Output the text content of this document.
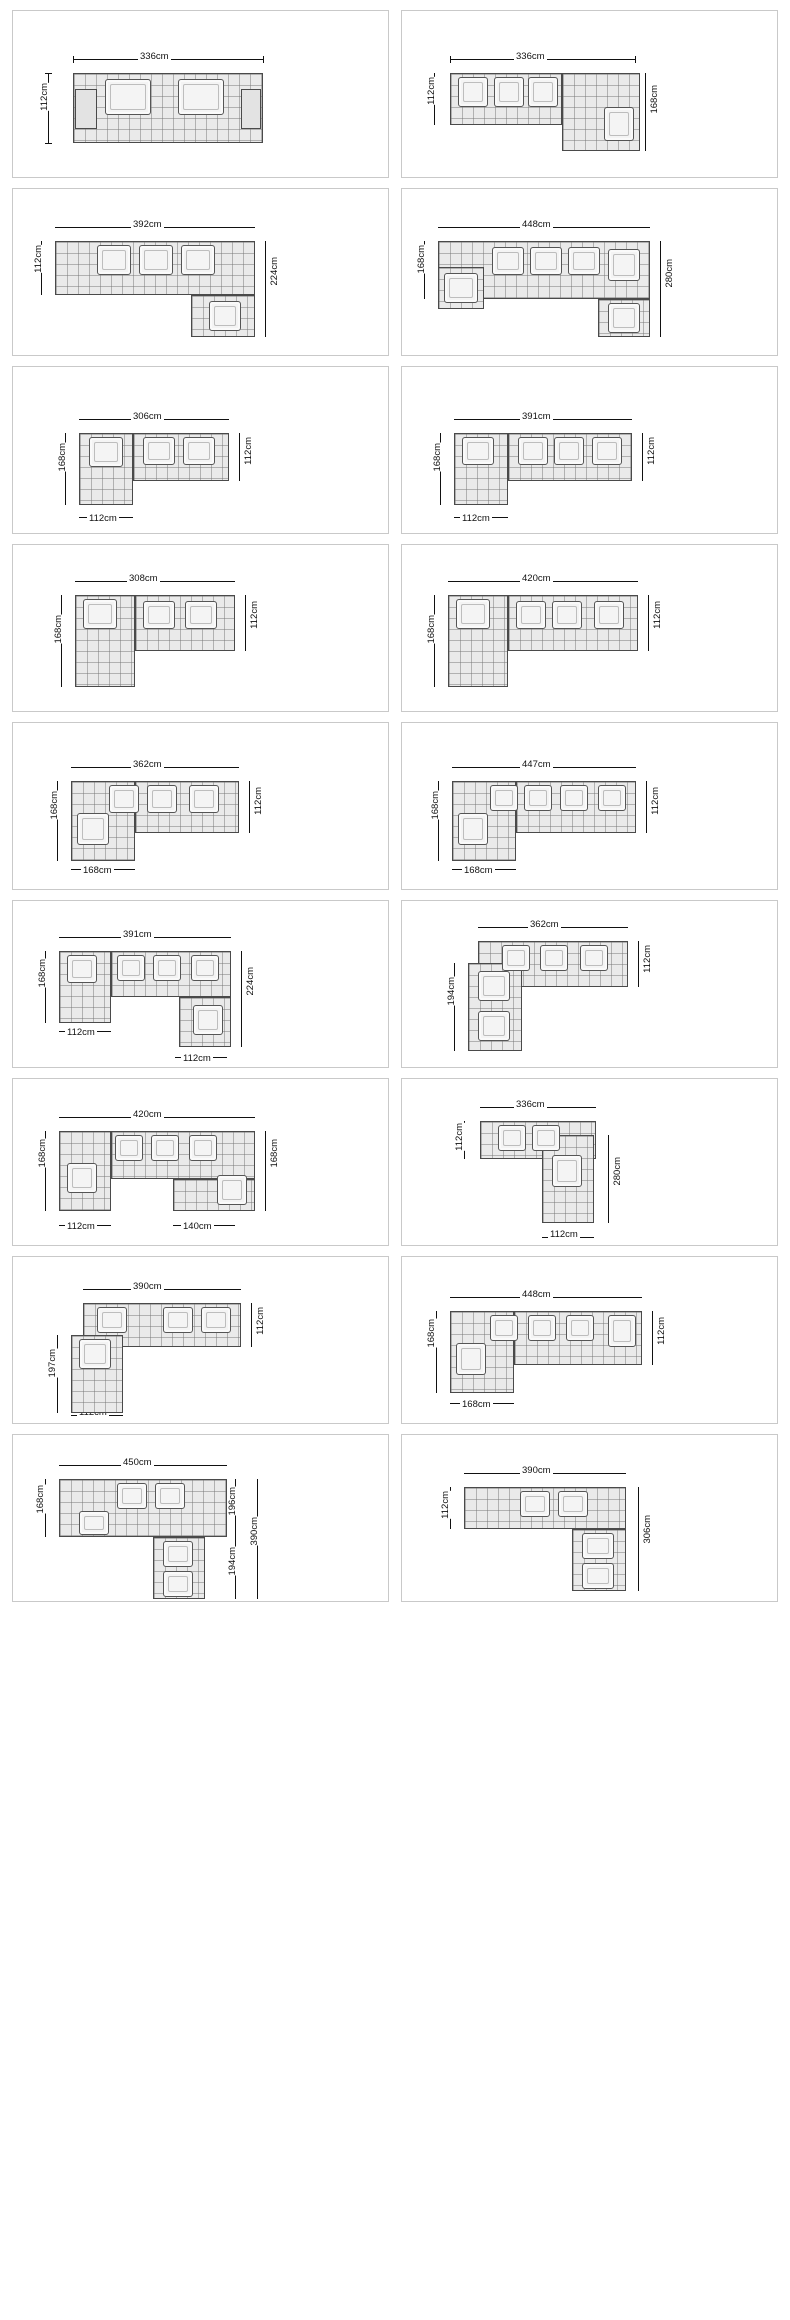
336cm
112cm
336cm
112cm	168cm
392cm
112cm	224cm
448cm
168cm	280cm
306cm
168cm	112cm
112cm
391cm
168cm	112cm
112cm
308cm
168cm
112cm
420cm
168cm
112cm
362cm
168cm	112cm
168cm
447cm
168cm	112cm
168cm
391cm
168cm	224cm
112cm
112cm
362cm
112cm
194cm
420cm
168cm	168cm
112cm	140cm
336cm
112cm
280cm
112cm
390cm
112cm
197cm
448cm
168cm	112cm
168cm
450cm
168cm	196cm
390cm
194cm
390cm
112cm
306cm
